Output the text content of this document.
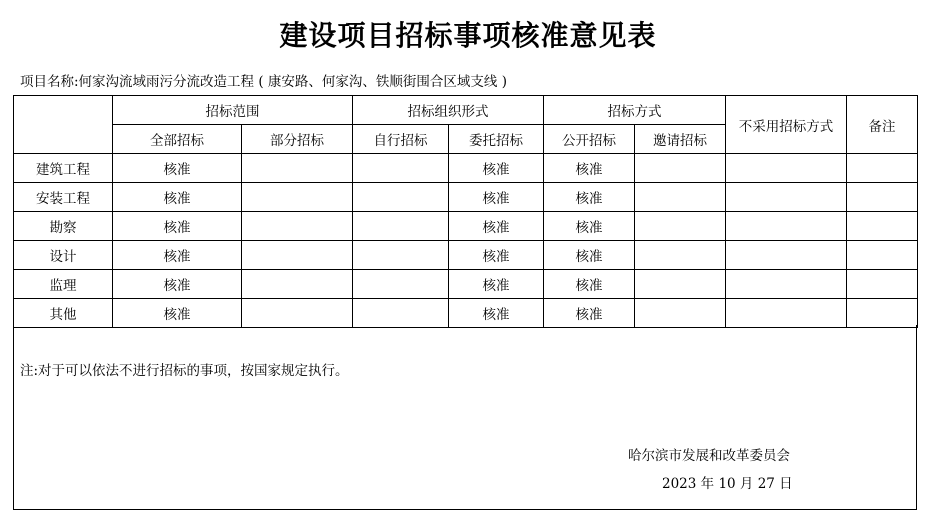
建设项目招标事项核准意见表
项目名称:何家沟流域雨污分流改造工程 ( 康安路、何家沟、铁顺街围合区域支线 )
	招标范围		招标组织形式		招标方式		不采用招标方式	备注
	全部招标	部分招标	自行招标	委托招标	公开招标	邀请招标		
建筑工程	核准			核准	核准			
安装工程	核准			核准	核准			
勘察	核准			核准	核准			
设计	核准			核准	核准			
监理	核准			核准	核准			
其他	核准			核准	核准			
注:对于可以依法不进行招标的事项，按国家规定执行。
哈尔滨市发展和改革委员会
2023 年 10 月 27 日
